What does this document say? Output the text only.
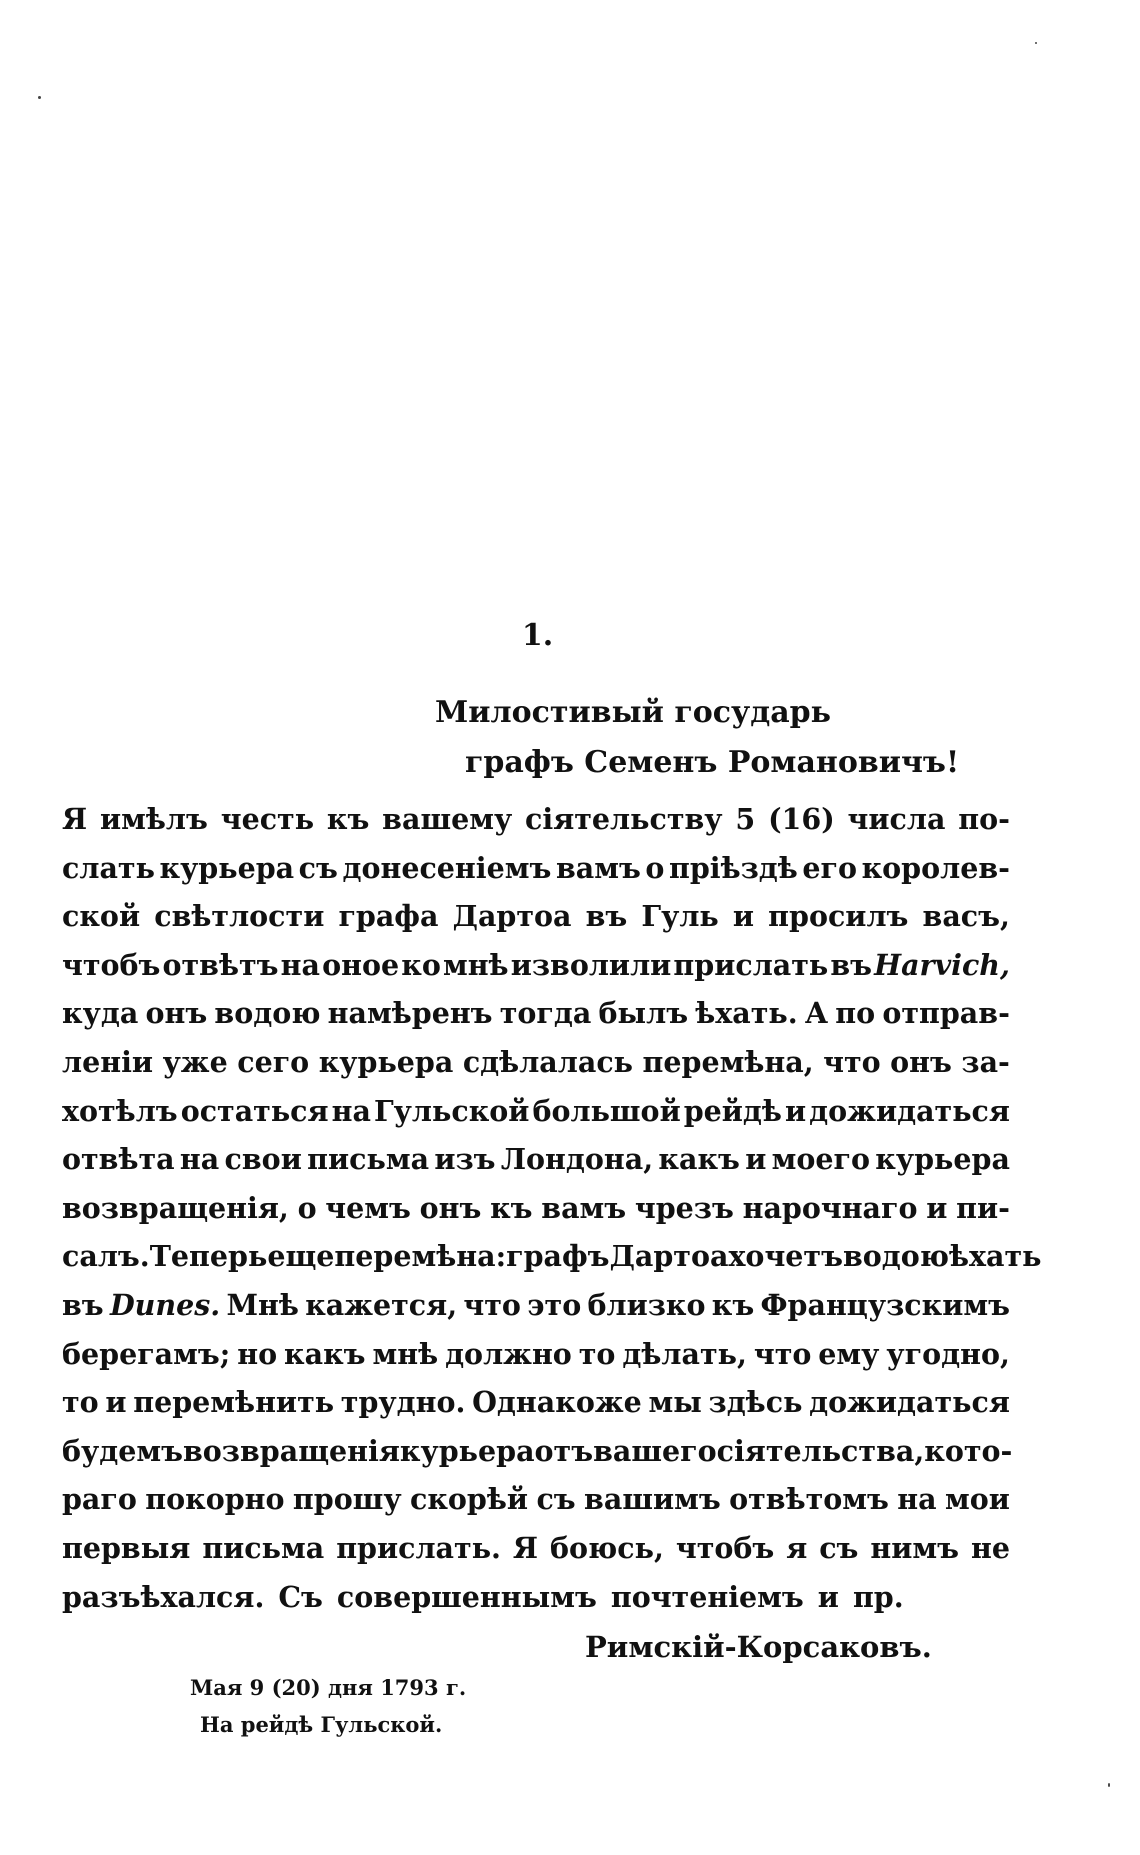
1.
Милостивый государь
графъ Семенъ Романовичъ!
Я имѣлъ честь къ вашему сіятельству 5 (16) числа по-
слать курьера съ донесеніемъ вамъ о пріѣздѣ его королев-
ской свѣтлости графа Дартоа въ Гуль и просилъ васъ,
чтобъ отвѣтъ на оное ко мнѣ изволили прислать въ Harvich,
куда онъ водою намѣренъ тогда былъ ѣхать. А по отправ-
леніи уже сего курьера сдѣлалась перемѣна, что онъ за-
хотѣлъ остаться на Гульской большой рейдѣ и дожидаться
отвѣта на свои письма изъ Лондона, какъ и моего курьера
возвращенія, о чемъ онъ къ вамъ чрезъ нарочнаго и пи-
салъ.Теперь еще перемѣна: графъ Дартоа хочетъ водою ѣхать
въ Dunes. Мнѣ кажется, что это близко къ Французскимъ
берегамъ; но какъ мнѣ должно то дѣлать, что ему угодно,
то и перемѣнить трудно. Однакоже мы здѣсь дожидаться
будемъ возвращенія курьера отъ вашего сіятельства, кото-
раго покорно прошу скорѣй съ вашимъ отвѣтомъ на мои
первыя письма прислать. Я боюсь, чтобъ я съ нимъ не
разъѣхался. Съ совершеннымъ почтеніемъ и пр.
Римскій-Корсаковъ.
Мая 9 (20) дня 1793 г.
На рейдѣ Гульской.
